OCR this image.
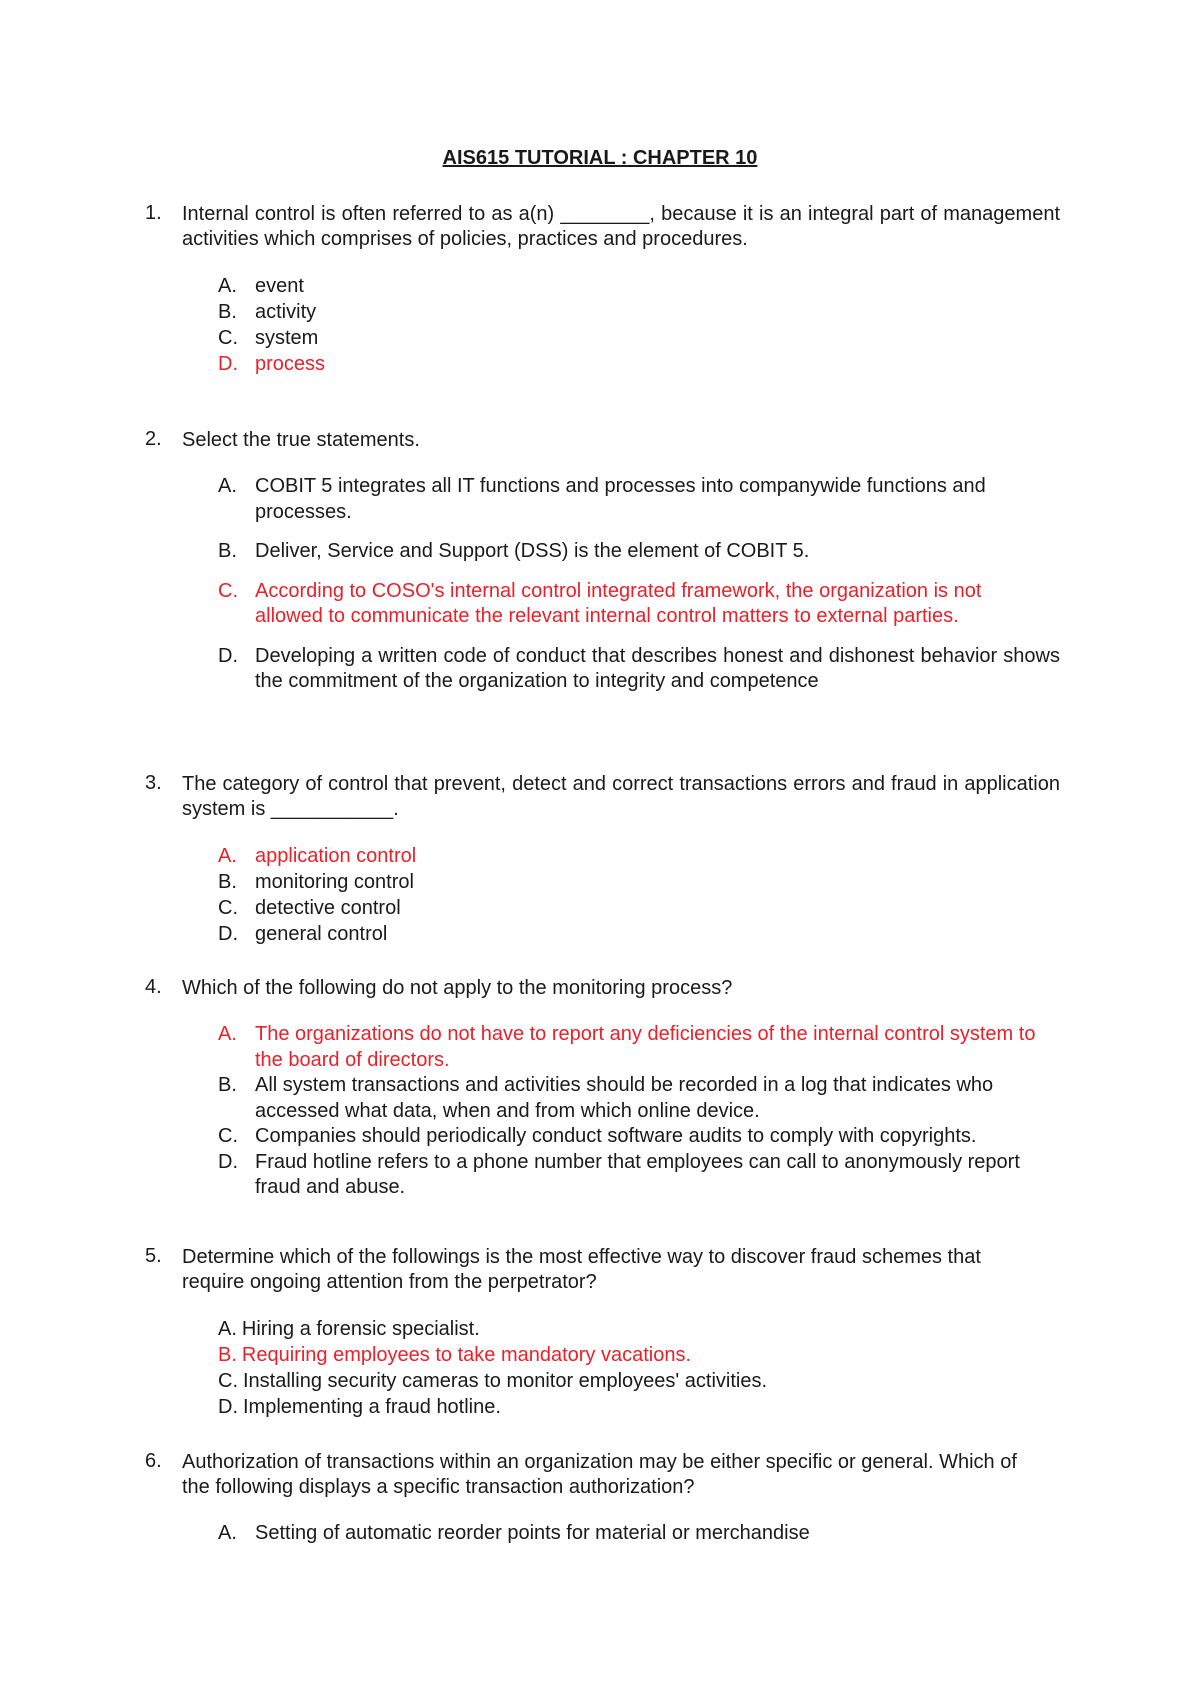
AIS615 TUTORIAL : CHAPTER 10
1.	Internal control is often referred to as a(n) ________, because it is an integral part of management activities which comprises of policies, practices and procedures.
A. event
B. activity
C. system
D. process
2.	Select the true statements.
A. COBIT 5 integrates all IT functions and processes into companywide functions and processes.
B. Deliver, Service and Support (DSS) is the element of COBIT 5.
C. According to COSO's internal control integrated framework, the organization is not allowed to communicate the relevant internal control matters to external parties.
D. Developing a written code of conduct that describes honest and dishonest behavior shows the commitment of the organization to integrity and competence
3.	The category of control that prevent, detect and correct transactions errors and fraud in application system is ___________.
A. application control
B. monitoring control
C. detective control
D. general control
4.	Which of the following do not apply to the monitoring process?
A. The organizations do not have to report any deficiencies of the internal control system to the board of directors.
B. All system transactions and activities should be recorded in a log that indicates who accessed what data, when and from which online device.
C. Companies should periodically conduct software audits to comply with copyrights.
D. Fraud hotline refers to a phone number that employees can call to anonymously report fraud and abuse.
5.	Determine which of the followings is the most effective way to discover fraud schemes that require ongoing attention from the perpetrator?
A. Hiring a forensic specialist.
B. Requiring employees to take mandatory vacations.
C. Installing security cameras to monitor employees' activities.
D. Implementing a fraud hotline.
6.	Authorization of transactions within an organization may be either specific or general. Which of the following displays a specific transaction authorization?
A. Setting of automatic reorder points for material or merchandise
